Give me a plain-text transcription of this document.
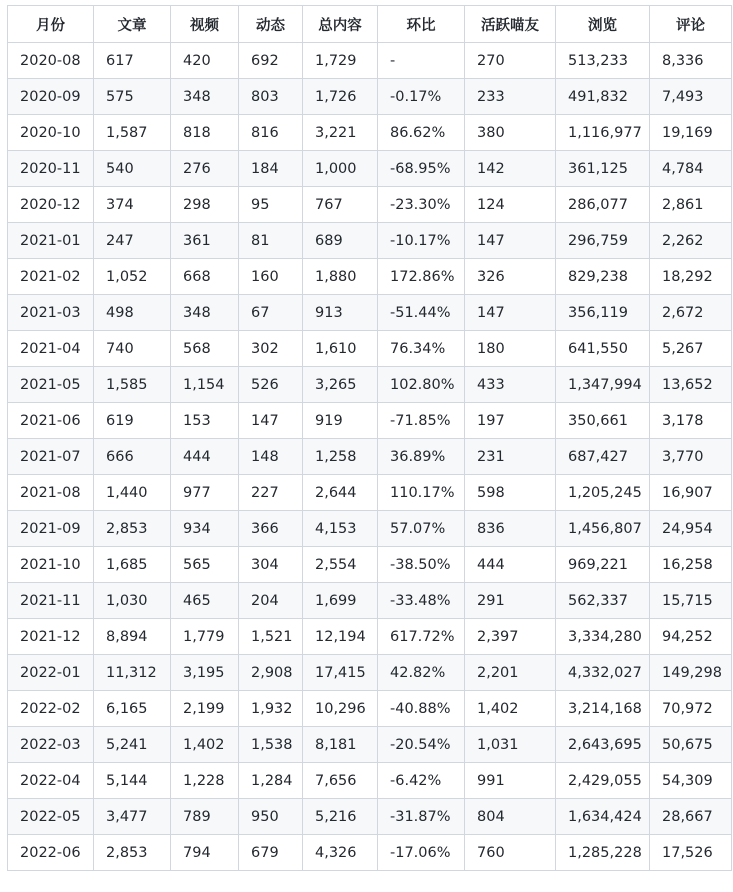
月份	文章	视频	动态	总内容	环比	活跃喵友	浏览	评论
2020-08	617	420	692	1,729	-	270	513,233	8,336
2020-09	575	348	803	1,726	-0.17%	233	491,832	7,493
2020-10	1,587	818	816	3,221	86.62%	380	1,116,977	19,169
2020-11	540	276	184	1,000	-68.95%	142	361,125	4,784
2020-12	374	298	95	767	-23.30%	124	286,077	2,861
2021-01	247	361	81	689	-10.17%	147	296,759	2,262
2021-02	1,052	668	160	1,880	172.86%	326	829,238	18,292
2021-03	498	348	67	913	-51.44%	147	356,119	2,672
2021-04	740	568	302	1,610	76.34%	180	641,550	5,267
2021-05	1,585	1,154	526	3,265	102.80%	433	1,347,994	13,652
2021-06	619	153	147	919	-71.85%	197	350,661	3,178
2021-07	666	444	148	1,258	36.89%	231	687,427	3,770
2021-08	1,440	977	227	2,644	110.17%	598	1,205,245	16,907
2021-09	2,853	934	366	4,153	57.07%	836	1,456,807	24,954
2021-10	1,685	565	304	2,554	-38.50%	444	969,221	16,258
2021-11	1,030	465	204	1,699	-33.48%	291	562,337	15,715
2021-12	8,894	1,779	1,521	12,194	617.72%	2,397	3,334,280	94,252
2022-01	11,312	3,195	2,908	17,415	42.82%	2,201	4,332,027	149,298
2022-02	6,165	2,199	1,932	10,296	-40.88%	1,402	3,214,168	70,972
2022-03	5,241	1,402	1,538	8,181	-20.54%	1,031	2,643,695	50,675
2022-04	5,144	1,228	1,284	7,656	-6.42%	991	2,429,055	54,309
2022-05	3,477	789	950	5,216	-31.87%	804	1,634,424	28,667
2022-06	2,853	794	679	4,326	-17.06%	760	1,285,228	17,526
